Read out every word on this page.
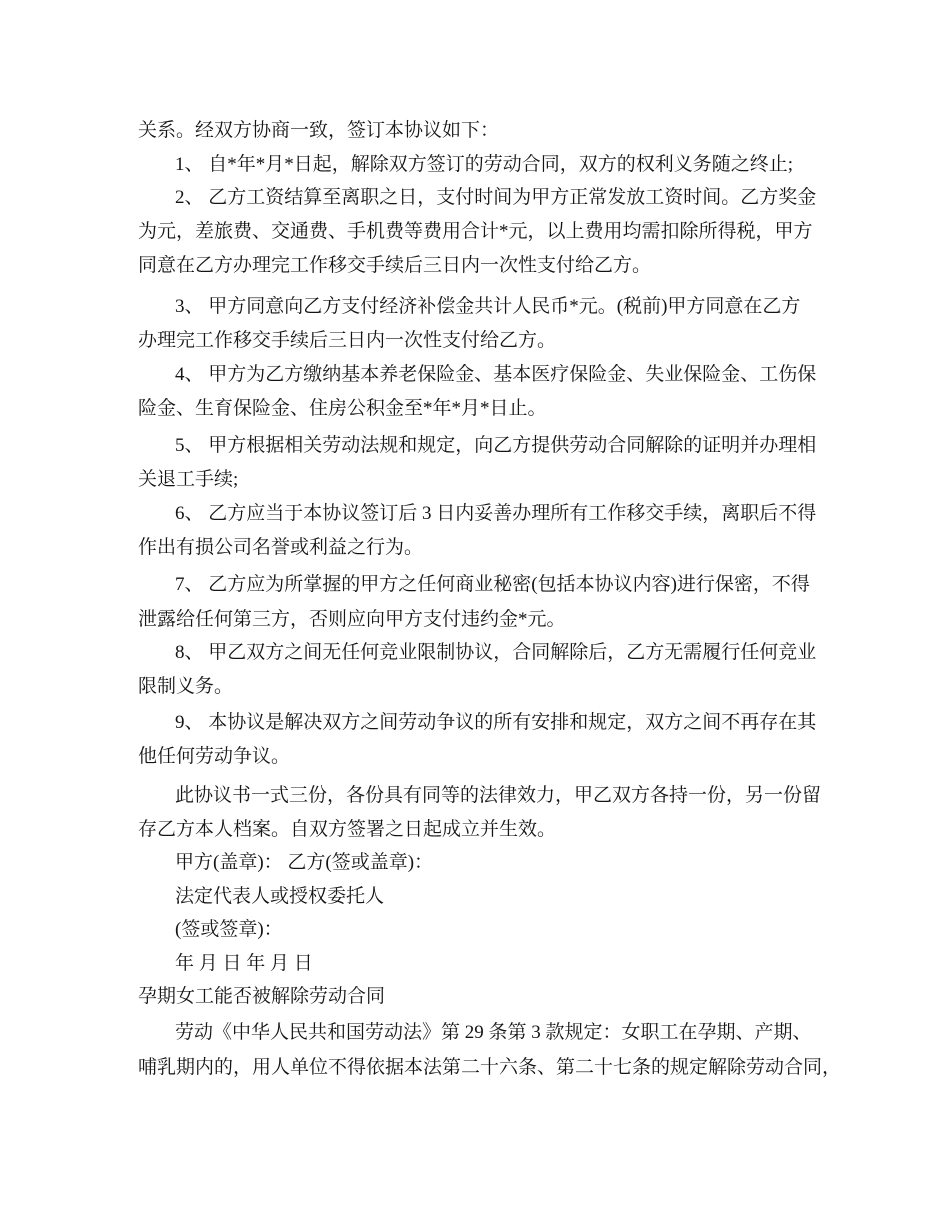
关系。经双方协商一致，签订本协议如下：
1、 自*年*月*日起，解除双方签订的劳动合同，双方的权利义务随之终止;
2、 乙方工资结算至离职之日，支付时间为甲方正常发放工资时间。乙方奖金
为元，差旅费、交通费、手机费等费用合计*元，以上费用均需扣除所得税，甲方
同意在乙方办理完工作移交手续后三日内一次性支付给乙方。
3、 甲方同意向乙方支付经济补偿金共计人民币*元。(税前)甲方同意在乙方
办理完工作移交手续后三日内一次性支付给乙方。
4、 甲方为乙方缴纳基本养老保险金、基本医疗保险金、失业保险金、工伤保
险金、生育保险金、住房公积金至*年*月*日止。
5、 甲方根据相关劳动法规和规定，向乙方提供劳动合同解除的证明并办理相
关退工手续;
6、 乙方应当于本协议签订后 3 日内妥善办理所有工作移交手续，离职后不得
作出有损公司名誉或利益之行为。
7、 乙方应为所掌握的甲方之任何商业秘密(包括本协议内容)进行保密，不得
泄露给任何第三方，否则应向甲方支付违约金*元。
8、 甲乙双方之间无任何竞业限制协议，合同解除后，乙方无需履行任何竞业
限制义务。
9、 本协议是解决双方之间劳动争议的所有安排和规定，双方之间不再存在其
他任何劳动争议。
此协议书一式三份，各份具有同等的法律效力，甲乙双方各持一份，另一份留
存乙方本人档案。自双方签署之日起成立并生效。
甲方(盖章)： 乙方(签或盖章)：
法定代表人或授权委托人
(签或签章)：
年 月 日 年 月 日
孕期女工能否被解除劳动合同
劳动《中华人民共和国劳动法》第 29 条第 3 款规定：女职工在孕期、产期、
哺乳期内的，用人单位不得依据本法第二十六条、第二十七条的规定解除劳动合同，
